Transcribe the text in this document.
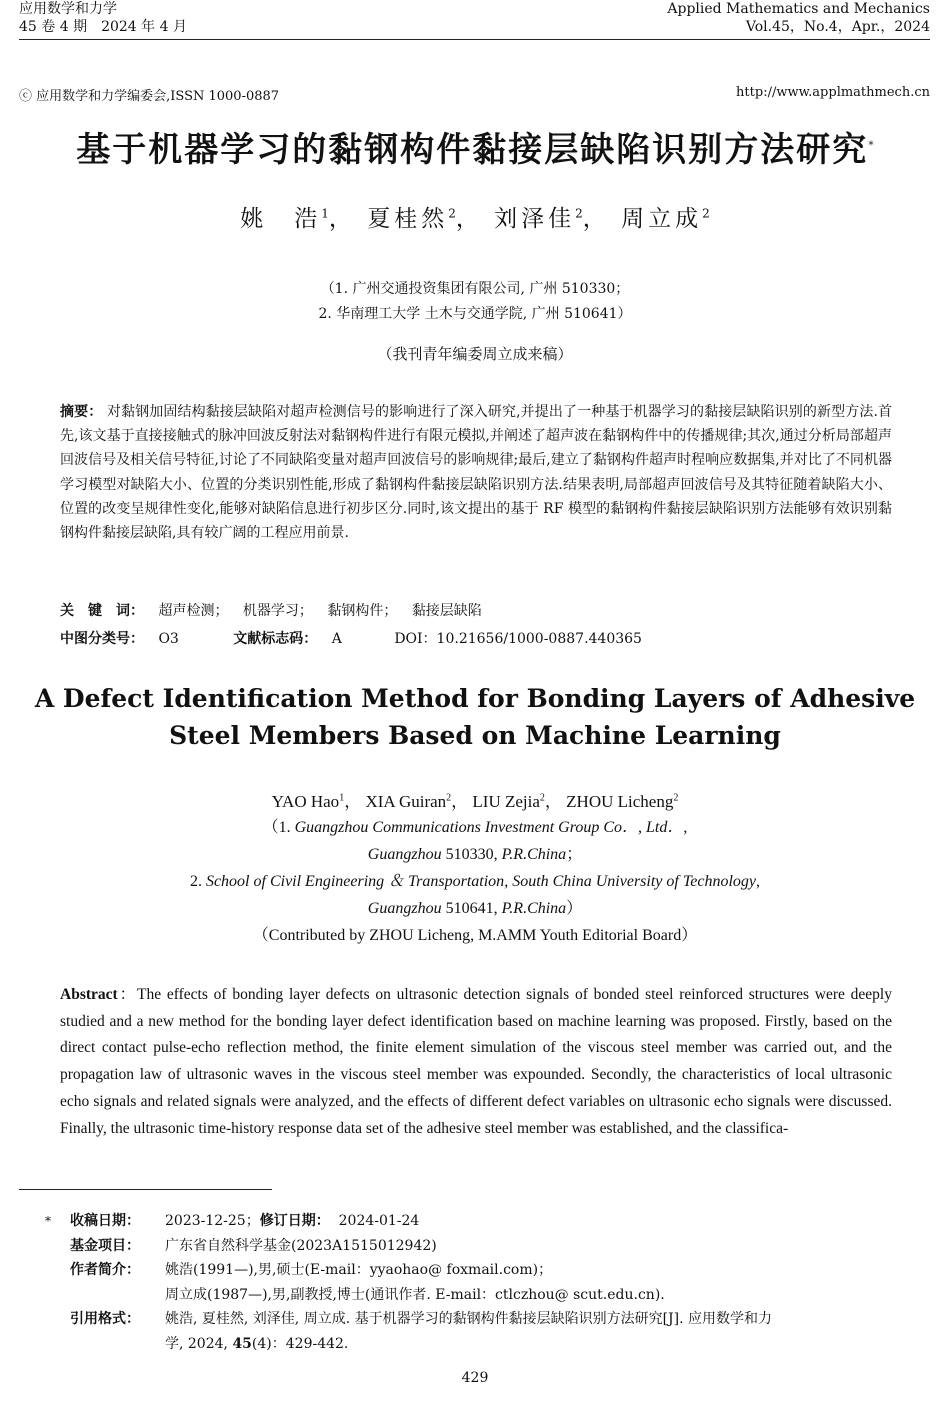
应用数学和力学
45 卷 4 期　2024 年 4 月
Applied Mathematics and Mechanics
Vol.45，No.4，Apr.，2024
ⓒ 应用数学和力学编委会,ISSN 1000-0887	http://www.applmathmech.cn
基于机器学习的黏钢构件黏接层缺陷识别方法研究*
姚　浩$^1$， 夏桂然$^2$， 刘泽佳$^2$， 周立成$^2$
（1. 广州交通投资集团有限公司, 广州 510330；
2. 华南理工大学 土木与交通学院, 广州 510641）
（我刊青年编委周立成来稿）
摘要： 对黏钢加固结构黏接层缺陷对超声检测信号的影响进行了深入研究,并提出了一种基于机器学习的黏接层缺陷识别的新型方法.首先,该文基于直接接触式的脉冲回波反射法对黏钢构件进行有限元模拟,并阐述了超声波在黏钢构件中的传播规律;其次,通过分析局部超声回波信号及相关信号特征,讨论了不同缺陷变量对超声回波信号的影响规律;最后,建立了黏钢构件超声时程响应数据集,并对比了不同机器学习模型对缺陷大小、位置的分类识别性能,形成了黏钢构件黏接层缺陷识别方法.结果表明,局部超声回波信号及其特征随着缺陷大小、位置的改变呈规律性变化,能够对缺陷信息进行初步区分.同时,该文提出的基于 RF 模型的黏钢构件黏接层缺陷识别方法能够有效识别黏钢构件黏接层缺陷,具有较广阔的工程应用前景.
关　键　词： 超声检测； 机器学习； 黏钢构件； 黏接层缺陷
中图分类号： O3	文献标志码： A	DOI：10.21656/1000-0887.440365
A Defect Identification Method for Bonding Layers of Adhesive
Steel Members Based on Machine Learning
YAO Hao$^1$， XIA Guiran$^2$， LIU Zejia$^2$， ZHOU Licheng$^2$
（1. Guangzhou Communications Investment Group Co．, Ltd．,
Guangzhou 510330, P.R.China；
2. School of Civil Engineering ＆ Transportation, South China University of Technology,
Guangzhou 510641, P.R.China）
（Contributed by ZHOU Licheng, M.AMM Youth Editorial Board）
Abstract：The effects of bonding layer defects on ultrasonic detection signals of bonded steel reinforced structures were deeply studied and a new method for the bonding layer defect identification based on machine learning was proposed. Firstly, based on the direct contact pulse-echo reflection method, the finite element simulation of the viscous steel member was carried out, and the propagation law of ultrasonic waves in the viscous steel member was expounded. Secondly, the characteristics of local ultrasonic echo signals and related signals were analyzed, and the effects of different defect variables on ultrasonic echo signals were discussed. Finally, the ultrasonic time-history response data set of the adhesive steel member was established, and the classifica-
*	收稿日期：	2023-12-25；修订日期： 2024-01-24
基金项目：	广东省自然科学基金(2023A1515012942)
作者简介：	姚浩(1991—),男,硕士(E-mail：yyaohao@ foxmail.com)；
周立成(1987—),男,副教授,博士(通讯作者. E-mail：ctlczhou@ scut.edu.cn).
引用格式：	姚浩, 夏桂然, 刘泽佳, 周立成. 基于机器学习的黏钢构件黏接层缺陷识别方法研究[J]. 应用数学和力
学, 2024, 45(4)：429-442.
429
